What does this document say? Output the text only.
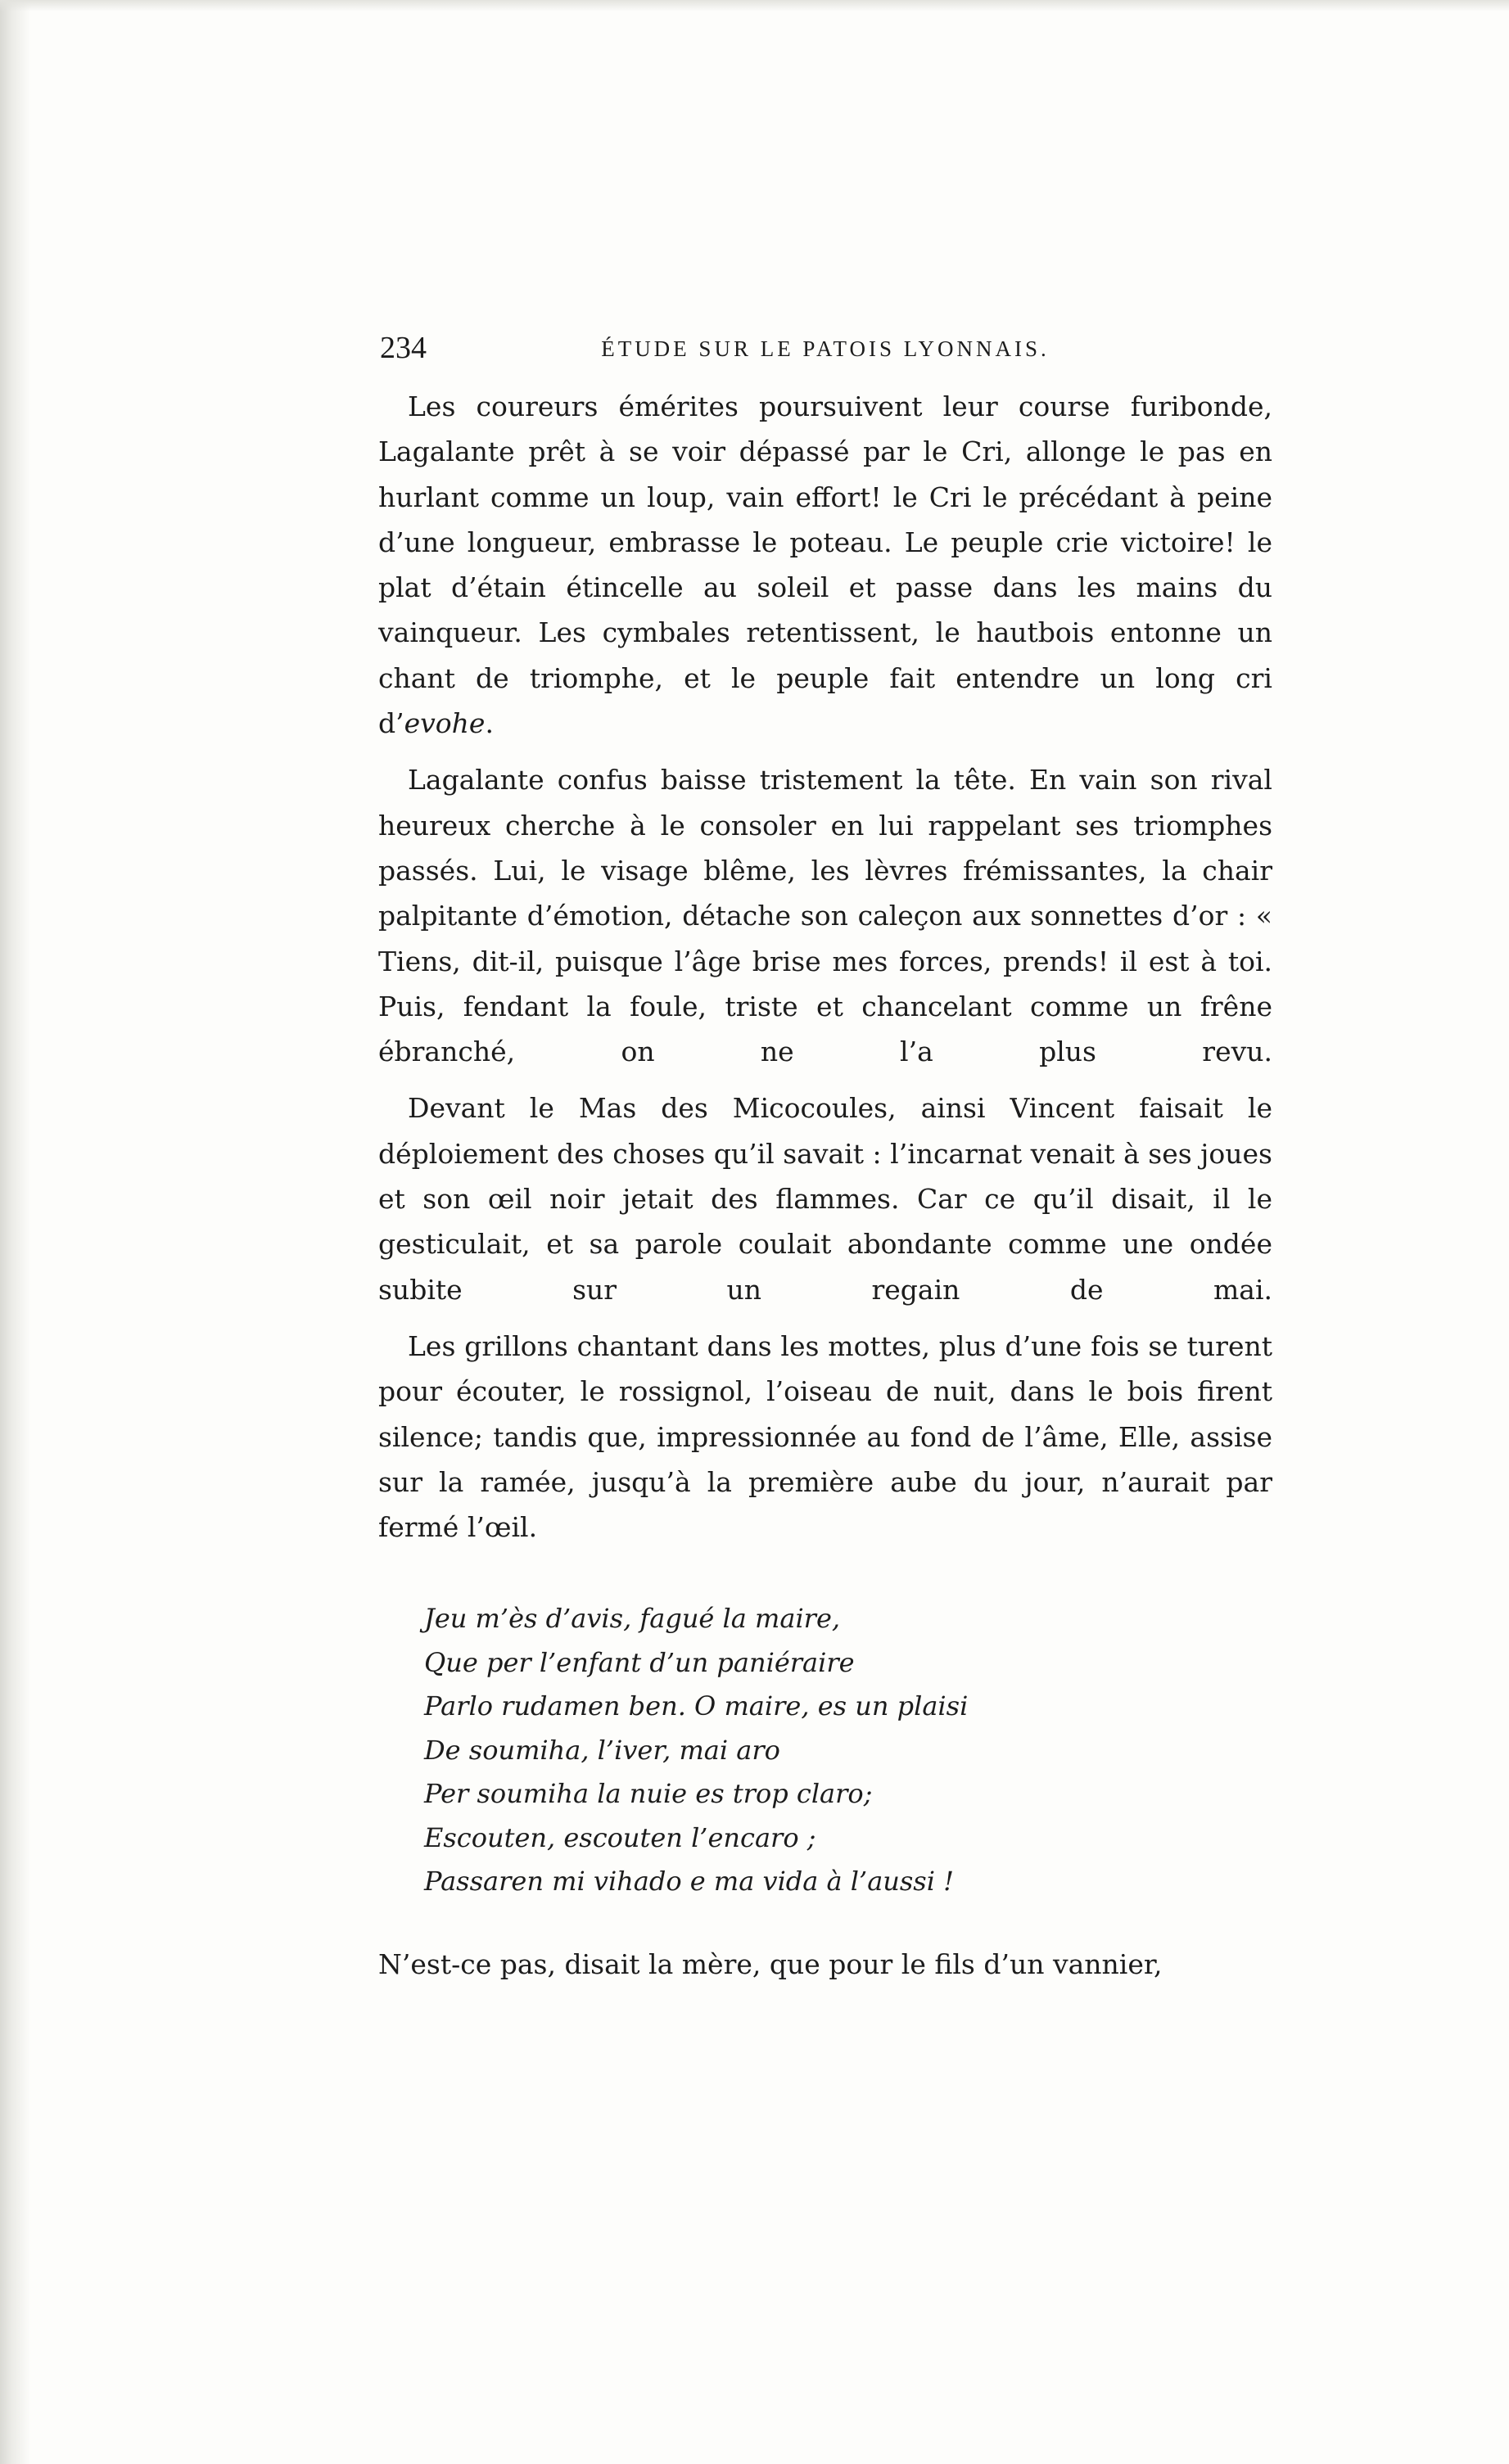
234	ÉTUDE SUR LE PATOIS LYONNAIS.

Les coureurs émérites poursuivent leur course furibonde, Lagalante prêt à se voir dépassé par le Cri, allonge le pas en hurlant comme un loup, vain effort! le Cri le précédant à peine d’une longueur, embrasse le poteau. Le peuple crie victoire! le plat d’étain étincelle au soleil et passe dans les mains du vainqueur. Les cymbales retentissent, le hautbois entonne un chant de triomphe, et le peuple fait entendre un long cri d’evohe.

Lagalante confus baisse tristement la tête. En vain son rival heureux cherche à le consoler en lui rappelant ses triomphes passés. Lui, le visage blême, les lèvres frémissantes, la chair palpitante d’émotion, détache son caleçon aux sonnettes d’or : « Tiens, dit-il, puisque l’âge brise mes forces, prends! il est à toi. Puis, fendant la foule, triste et chancelant comme un frêne ébranché, on ne l’a plus revu.

Devant le Mas des Micocoules, ainsi Vincent faisait le déploiement des choses qu’il savait : l’incarnat venait à ses joues et son œil noir jetait des flammes. Car ce qu’il disait, il le gesticulait, et sa parole coulait abondante comme une ondée subite sur un regain de mai.

Les grillons chantant dans les mottes, plus d’une fois se turent pour écouter, le rossignol, l’oiseau de nuit, dans le bois firent silence; tandis que, impressionnée au fond de l’âme, Elle, assise sur la ramée, jusqu’à la première aube du jour, n’aurait par fermé l’œil.

Jeu m’ès d’avis, fagué la maire,
Que per l’enfant d’un paniéraire
Parlo rudamen ben. O maire, es un plaisi
De soumiha, l’iver, mai aro
Per soumiha la nuie es trop claro;
Escouten, escouten l’encaro ;
Passaren mi vihado e ma vida à l’aussi !
N’est-ce pas, disait la mère, que pour le fils d’un vannier,
